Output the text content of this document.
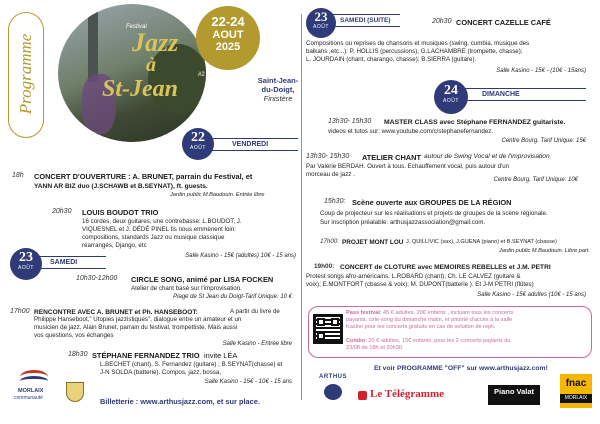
Programme
Festival
Jazz
à
St-Jean
#2
22-24
AOUT
2025
Saint-Jean-
du-Doigt,
Finistère
VENDREDI
22
AOÛT
18h CONCERT D'OUVERTURE : A. BRUNET, parrain du Festival, et
YANN AR BIZ duo (J.SCHAWB et B.SEYNAT), ft. guests.
Jardin public M.Baudouin. Entrée libre
20h30 LOUIS BOUDOT TRIO
16 cordes, deux guitares, une contrebasse: L.BOUDOT, J.
VIQUESNEL et J. DÉDÉ PINEL Ils nous emmènent loin:
compositions, standards Jazz ou musique classique
réarrangés, Django, etc
Salle Kasino - 15€ (adultes) 10€ - 15 ans)
SAMEDI
23
AOÛT
10h30-12h00 CIRCLE SONG, animé par LISA FOCKEN
Atelier de chant basé sur l'improvisation.
Plage de St Jean du Doigt-Tarif Unique: 10 €
17h00 RENCONTRE AVEC A. BRUNET et Ph. HANSEBOOT:	A partir du livre de
Philippe Hanseboot," Utopies jazzistiques", dialogue entre un amateur et un
musicien de jazz, Alain Brunet, parrain du festival, trompettiste. Mais aussi
vos questions, vos échanges
Salle Kasino - Entrée libre
18h30 STÉPHANE FERNANDEZ TRIO invite LÉA
L.BECHET (chant), S. Fernandez (guitare) ; B.SEYNAT(chasse) et
J-N SOLDA (batterie). Compos, jazz, bossa,
Salle Kasino - 15€ - 10€ - 15 ans
MORLAIX
communauté	Billetterie : www.arthusjazz.com, et sur place.
SAMEDI (SUITE)
23
AOÛT
20h30 CONCERT CAZELLE CAFÉ
Compositions ou reprises de chansons et musiques (swing, cumbia, musique des
balkans ,etc...): P. HOLLIS (percussions), G.LACHAMBRE (trompette, chasse);
L. JOURDAIN (chant, charango, chasse); B.SIERRA (guitare).
Salle Kasino - 15€ - (10€ - 15ans)
DIMANCHE
24
AOÛT
13h30- 15h30 MASTER CLASS avec Stéphane FERNANDEZ guitariste.
videos et tutos sur: www.youtube.com/c/stephanefernandez.
Centre Bourg. Tarif Unique: 15€
13h30- 15h30 ATELIER CHANT autour de Swing Vocal et de l'improvisation
Par Valérie BERDAH. Ouvert à tous. Echauffement vocal, puis autour d'un
morceau de jazz .
Centre Bourg. Tarif Unique: 10€
15h30: Scène ouverte aux GROUPES DE LA RÉGION
Coup de projecteur sur les réalisations et projets de groupes de la scène régionale.
Sur inscription préalable: arthusjazzassociation@gmail.com.
17h00: PROJET MONT LOU J. QUILLIVIC (sax), J.GUENA (piano) et B.SEYNAT (cbasse)
Jardin public M.Baudouin. Libre part.
19h00: CONCERT de CLOTURE avec MEMOIRES REBELLES et J.M. PETRI
Protest songs afro-américains. L.ROBARD (chant); Ch. LE CALVEZ (guitare &
voix); E.MONTFORT (cbasse & voix); M. DUPONT(batterie ). Et J-M PETRI (flûtes)
Salle Kasino - 15€ adultes (10€ - 15 ans)
Pass festival: 45 € adultes, 20€ enfants , incluant tous les concerts
payants, cirle-song du dimanche matin, et priorité d'accès à la salle
Kasino pour les concerts gratuits en cas de solution de repli.
Combo: 20 € adultes, 15€ enfants, pour les 2 concerts payants du
23/08 de 18h et 20h30.
Et voir PROGRAMME "OFF" sur www.arthusjazz.com!
ARTHUS
Le Télégramme	Piano Valat
fnac
MORLAIX
